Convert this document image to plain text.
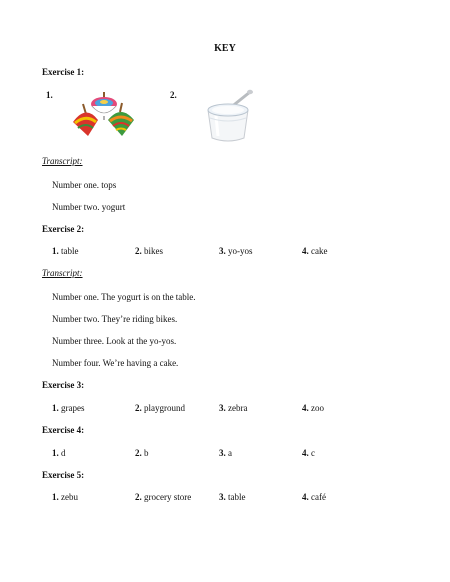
KEY
Exercise 1:
1.	2.
Transcript:
Number one. tops
Number two. yogurt
Exercise 2:
1. table	2. bikes	3. yo-yos	4. cake
Transcript:
Number one. The yogurt is on the table.
Number two. They’re riding bikes.
Number three. Look at the yo-yos.
Number four. We’re having a cake.
Exercise 3:
1. grapes	2. playground	3. zebra	4. zoo
Exercise 4:
1. d	2. b	3. a	4. c
Exercise 5:
1. zebu	2. grocery store	3. table	4. café
